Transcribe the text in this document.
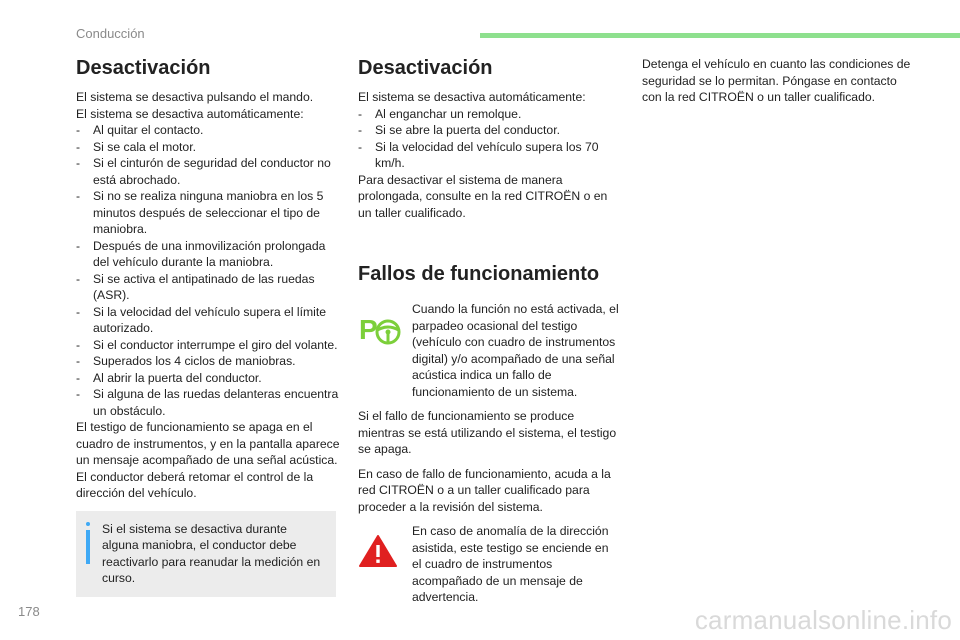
Conducción
Desactivación

El sistema se desactiva pulsando el mando.

El sistema se desactiva automáticamente:

- Al quitar el contacto.
- Si se cala el motor.
- Si el cinturón de seguridad del conductor no está abrochado.
- Si no se realiza ninguna maniobra en los 5 minutos después de seleccionar el tipo de maniobra.
- Después de una inmovilización prolongada del vehículo durante la maniobra.
- Si se activa el antipatinado de las ruedas (ASR).
- Si la velocidad del vehículo supera el límite autorizado.
- Si el conductor interrumpe el giro del volante.
- Superados los 4 ciclos de maniobras.
- Al abrir la puerta del conductor.
- Si alguna de las ruedas delanteras encuentra un obstáculo.

El testigo de funcionamiento se apaga en el cuadro de instrumentos, y en la pantalla aparece un mensaje acompañado de una señal acústica.

El conductor deberá retomar el control de la dirección del vehículo.

Si el sistema se desactiva durante alguna maniobra, el conductor debe reactivarlo para reanudar la medición en curso.

Desactivación

El sistema se desactiva automáticamente:

- Al enganchar un remolque.
- Si se abre la puerta del conductor.
- Si la velocidad del vehículo supera los 70 km/h.

Para desactivar el sistema de manera prolongada, consulte en la red CITROËN o en un taller cualificado.

Fallos de funcionamiento
P

Cuando la función no está activada, el parpadeo ocasional del testigo (vehículo con cuadro de instrumentos digital) y/o acompañado de una señal acústica indica un fallo de funcionamiento de un sistema.

Si el fallo de funcionamiento se produce mientras se está utilizando el sistema, el testigo se apaga.

En caso de fallo de funcionamiento, acuda a la red CITROËN o a un taller cualificado para proceder a la revisión del sistema.

En caso de anomalía de la dirección asistida, este testigo se enciende en el cuadro de instrumentos acompañado de un mensaje de advertencia.

Detenga el vehículo en cuanto las condiciones de seguridad se lo permitan. Póngase en contacto con la red CITROËN o un taller cualificado.

178	carmanualsonline.info
